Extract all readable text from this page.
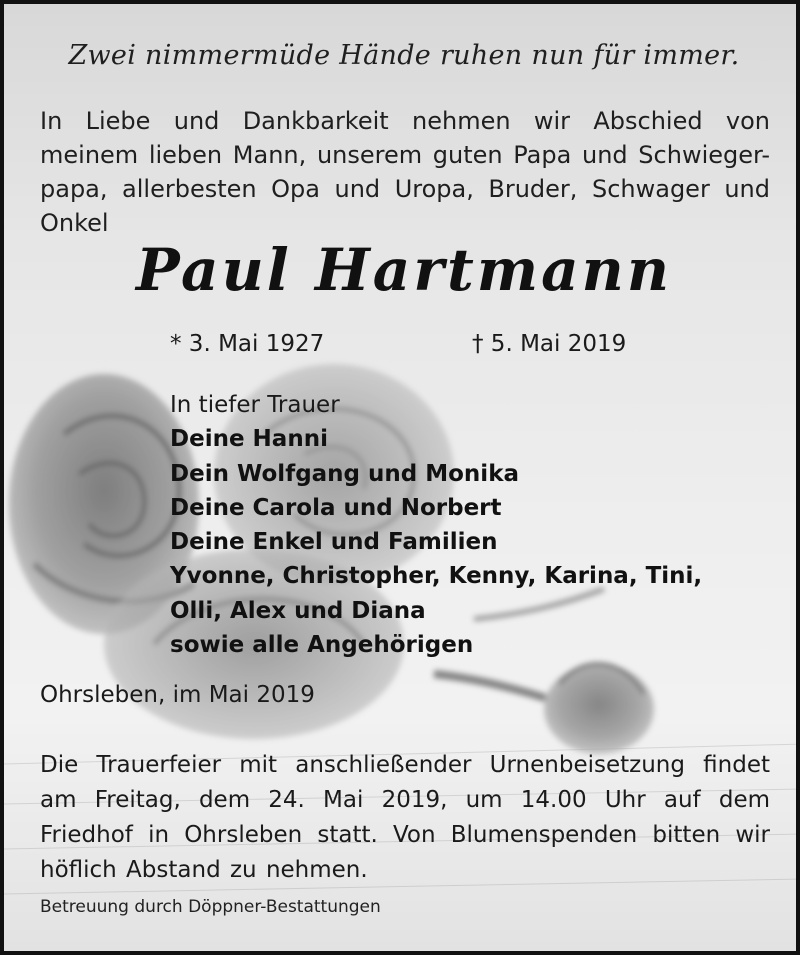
Zwei nimmermüde Hände ruhen nun für immer.
In Liebe und Dankbarkeit nehmen wir Abschied von meinem lieben Mann, unserem guten Papa und Schwieger- papa, allerbesten Opa und Uropa, Bruder, Schwager und Onkel
Paul Hartmann
* 3. Mai 1927	† 5. Mai 2019
In tiefer Trauer
Deine Hanni
Dein Wolfgang und Monika
Deine Carola und Norbert
Deine Enkel und Familien
Yvonne, Christopher, Kenny, Karina, Tini,
Olli, Alex und Diana
sowie alle Angehörigen
Ohrsleben, im Mai 2019
Die Trauerfeier mit anschließender Urnenbeisetzung findet am Freitag, dem 24. Mai 2019, um 14.00 Uhr auf dem Friedhof in Ohrsleben statt. Von Blumenspenden bitten wir höflich Abstand zu nehmen.
Betreuung durch Döppner-Bestattungen
